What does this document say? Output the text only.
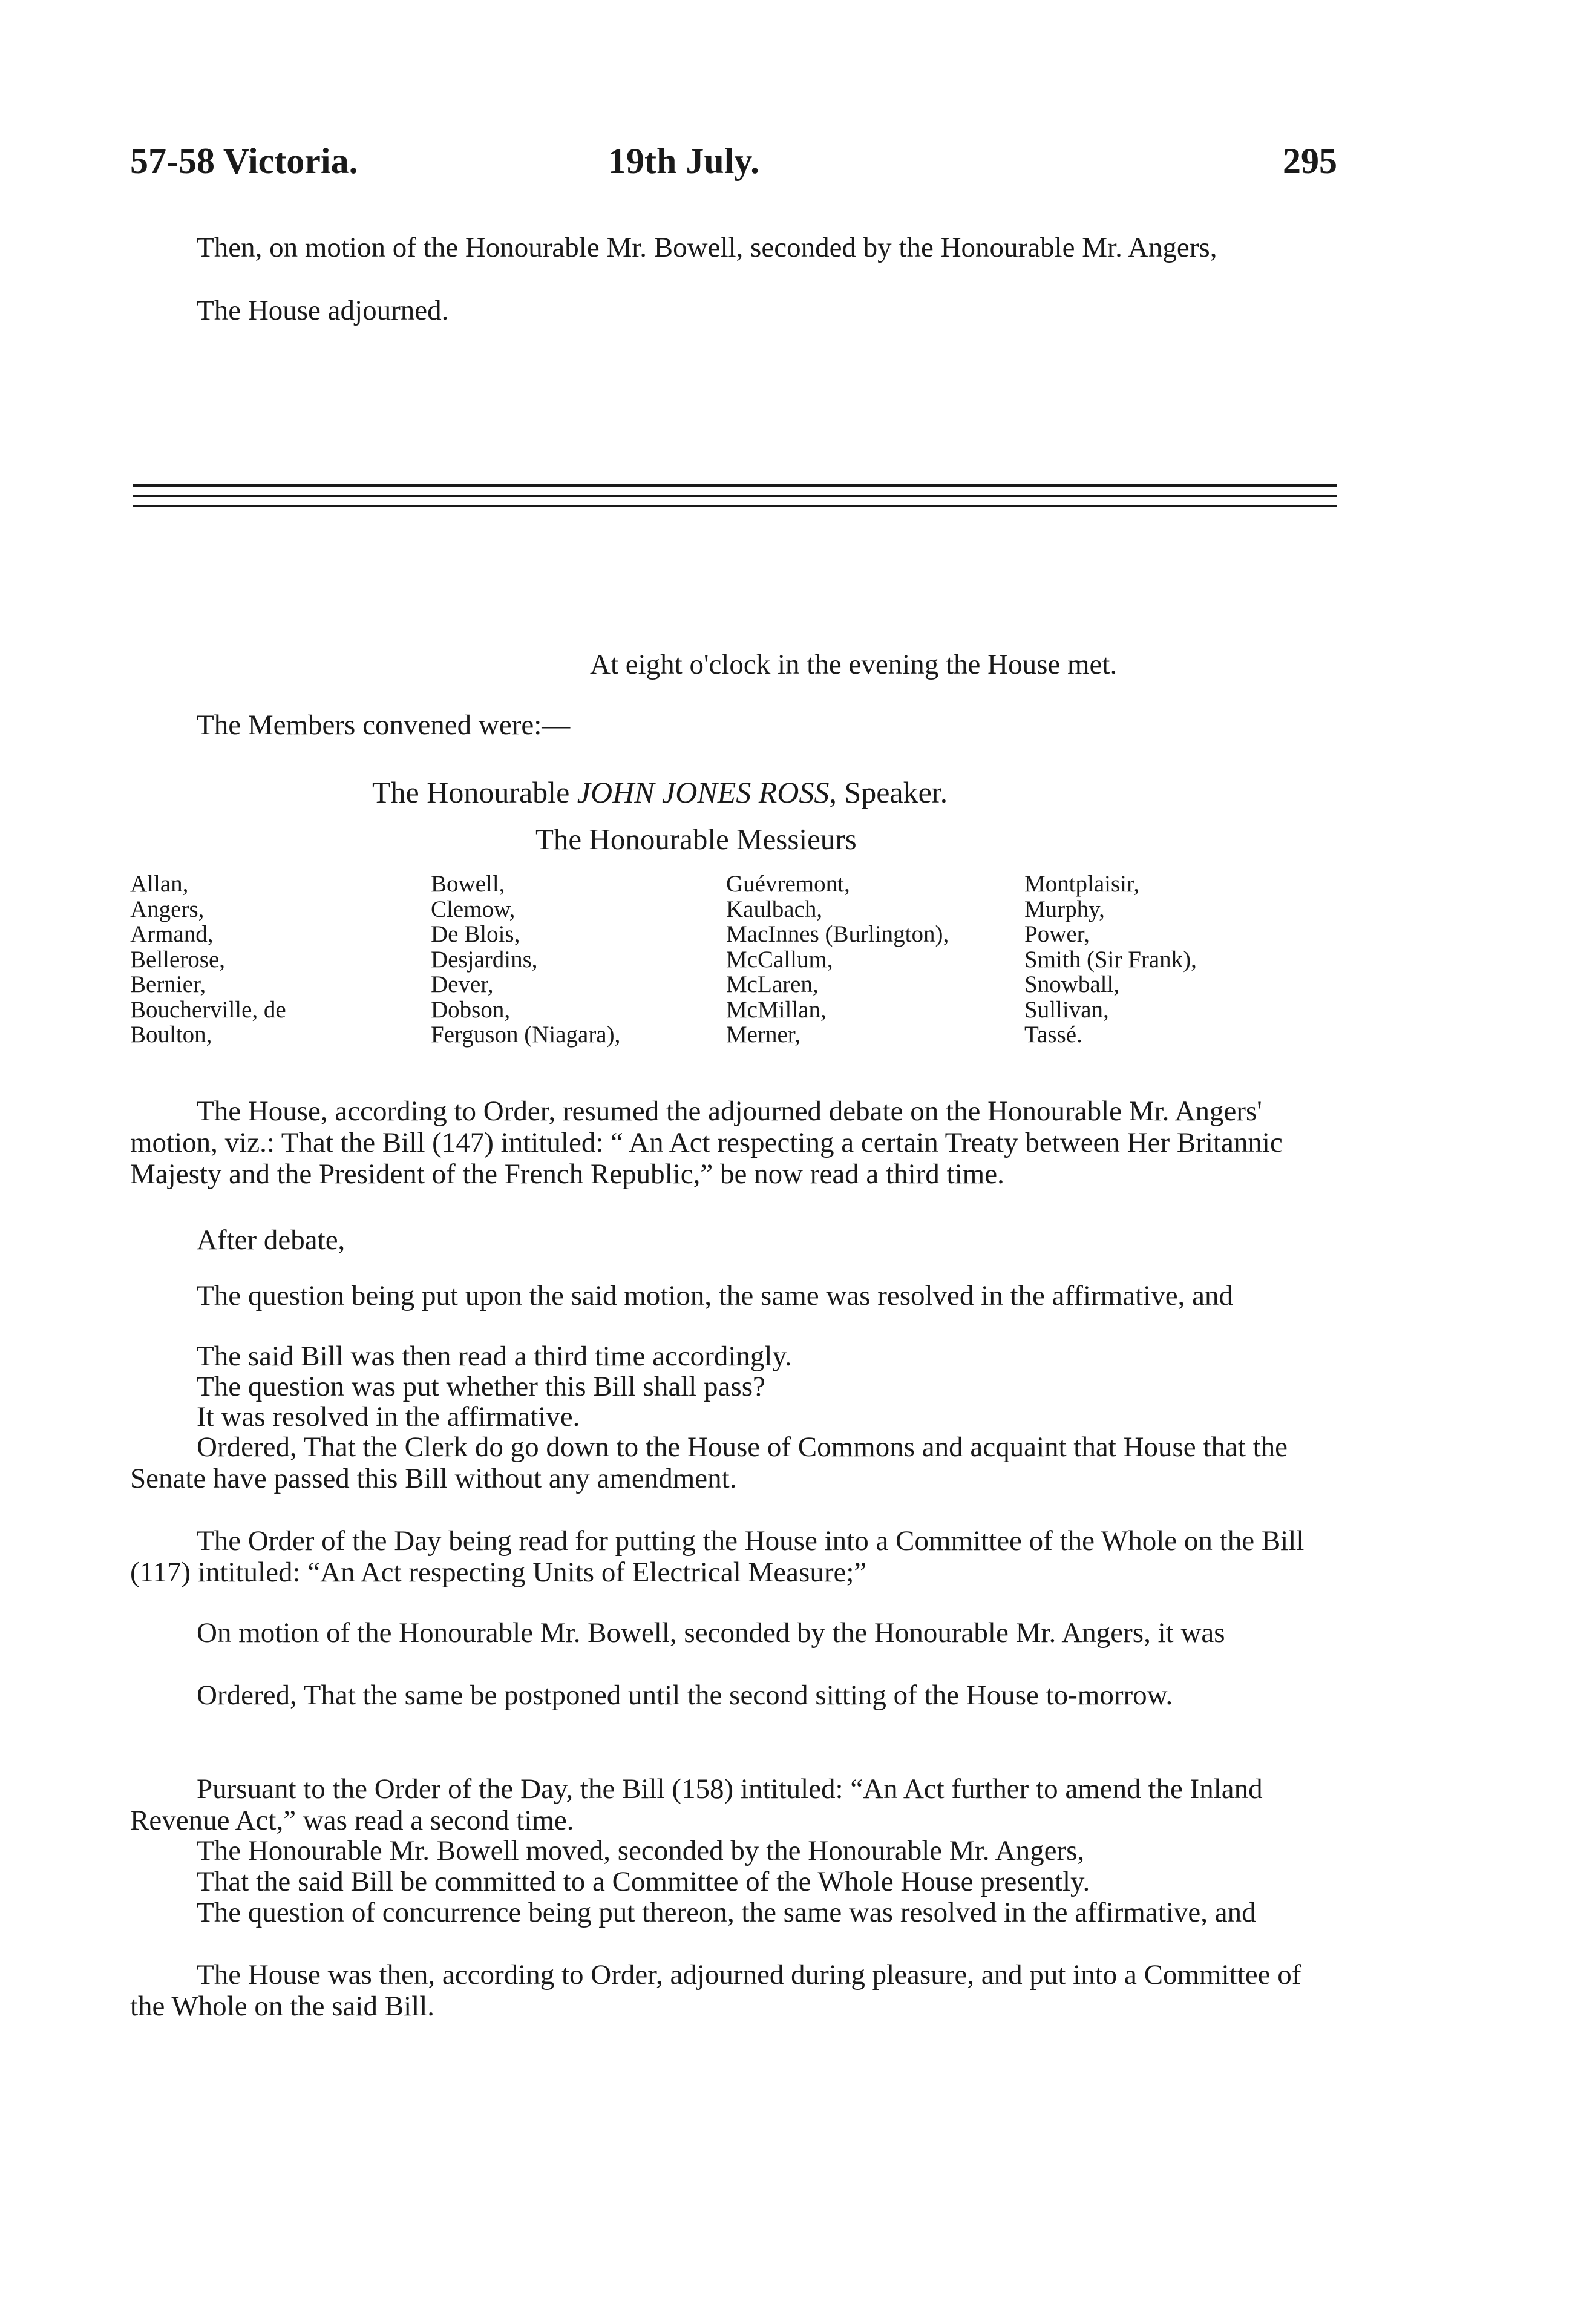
57-58 Victoria.	19th July.	295

Then, on motion of the Honourable Mr. Bowell, seconded by the Honourable Mr. Angers,

The House adjourned.

At eight o'clock in the evening the House met.

The Members convened were:—

The Honourable JOHN JONES ROSS, Speaker.
The Honourable Messieurs
Allan,
Angers,
Armand,
Bellerose,
Bernier,
Boucherville, de
Boulton,
Bowell,
Clemow,
De Blois,
Desjardins,
Dever,
Dobson,
Ferguson (Niagara),
Guévremont,
Kaulbach,
MacInnes (Burlington),
McCallum,
McLaren,
McMillan,
Merner,
Montplaisir,
Murphy,
Power,
Smith (Sir Frank),
Snowball,
Sullivan,
Tassé.

The House, according to Order, resumed the adjourned debate on the Honourable Mr. Angers' motion, viz.: That the Bill (147) intituled: “ An Act respecting a certain Treaty between Her Britannic Majesty and the President of the French Republic,” be now read a third time.

After debate,

The question being put upon the said motion, the same was resolved in the affirmative, and

The said Bill was then read a third time accordingly.

The question was put whether this Bill shall pass?

It was resolved in the affirmative.

Ordered, That the Clerk do go down to the House of Commons and acquaint that House that the Senate have passed this Bill without any amendment.

The Order of the Day being read for putting the House into a Committee of the Whole on the Bill (117) intituled: “An Act respecting Units of Electrical Measure;”

On motion of the Honourable Mr. Bowell, seconded by the Honourable Mr. Angers, it was

Ordered, That the same be postponed until the second sitting of the House to-morrow.

Pursuant to the Order of the Day, the Bill (158) intituled: “An Act further to amend the Inland Revenue Act,” was read a second time.

The Honourable Mr. Bowell moved, seconded by the Honourable Mr. Angers,

That the said Bill be committed to a Committee of the Whole House presently.

The question of concurrence being put thereon, the same was resolved in the affirmative, and

The House was then, according to Order, adjourned during pleasure, and put into a Committee of the Whole on the said Bill.
